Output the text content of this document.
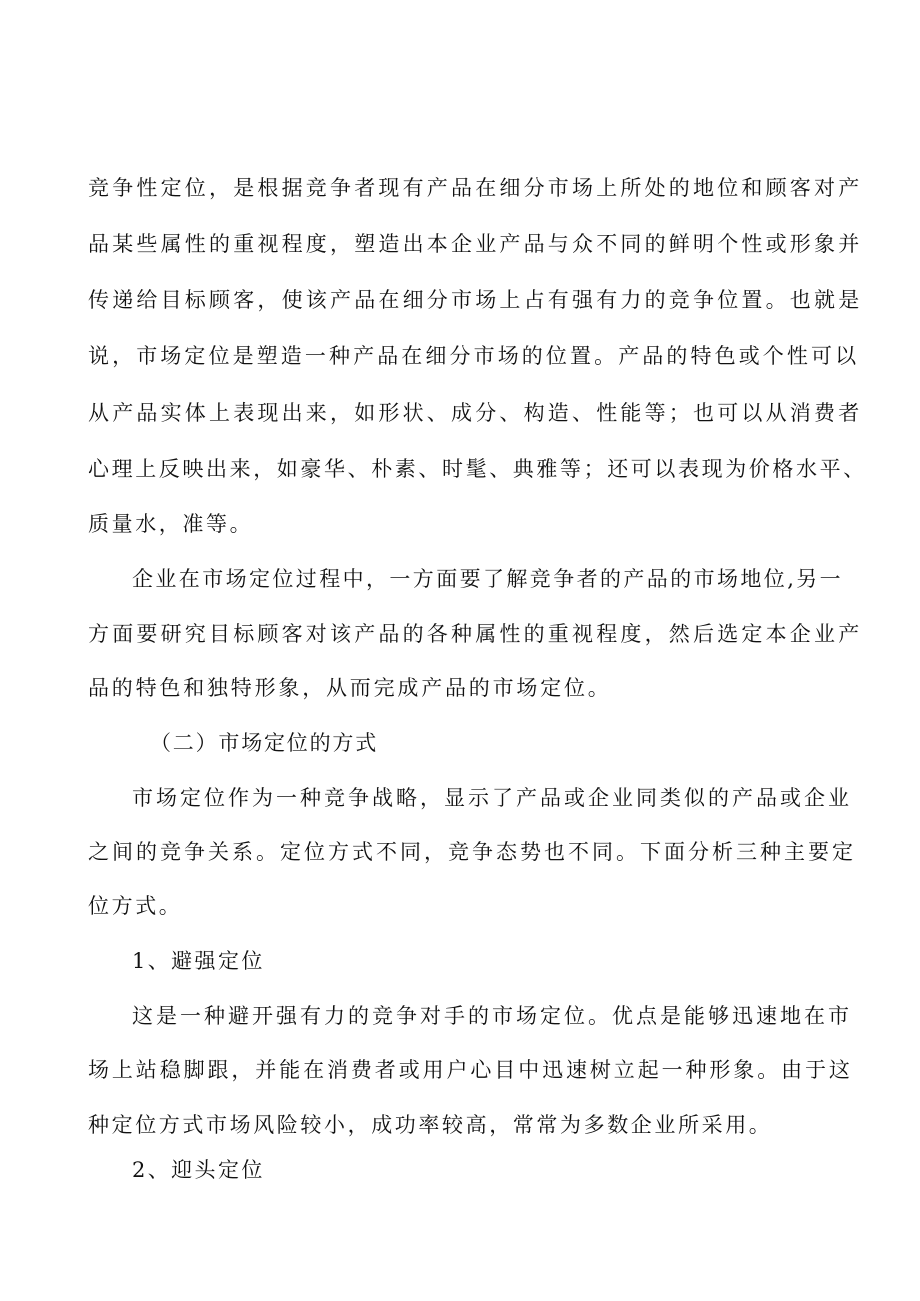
竞争性定位，是根据竞争者现有产品在细分市场上所处的地位和顾客对产
品某些属性的重视程度，塑造出本企业产品与众不同的鲜明个性或形象并
传递给目标顾客，使该产品在细分市场上占有强有力的竞争位置。也就是
说，市场定位是塑造一种产品在细分市场的位置。产品的特色或个性可以
从产品实体上表现出来，如形状、成分、构造、性能等；也可以从消费者
心理上反映出来，如豪华、朴素、时髦、典雅等；还可以表现为价格水平、
质量水，准等。
企业在市场定位过程中，一方面要了解竞争者的产品的市场地位,另一
方面要研究目标顾客对该产品的各种属性的重视程度，然后选定本企业产
品的特色和独特形象，从而完成产品的市场定位。
（二）市场定位的方式
市场定位作为一种竞争战略，显示了产品或企业同类似的产品或企业
之间的竞争关系。定位方式不同，竞争态势也不同。下面分析三种主要定
位方式。
1、避强定位
这是一种避开强有力的竞争对手的市场定位。优点是能够迅速地在市
场上站稳脚跟，并能在消费者或用户心目中迅速树立起一种形象。由于这
种定位方式市场风险较小，成功率较高，常常为多数企业所采用。
2、迎头定位
